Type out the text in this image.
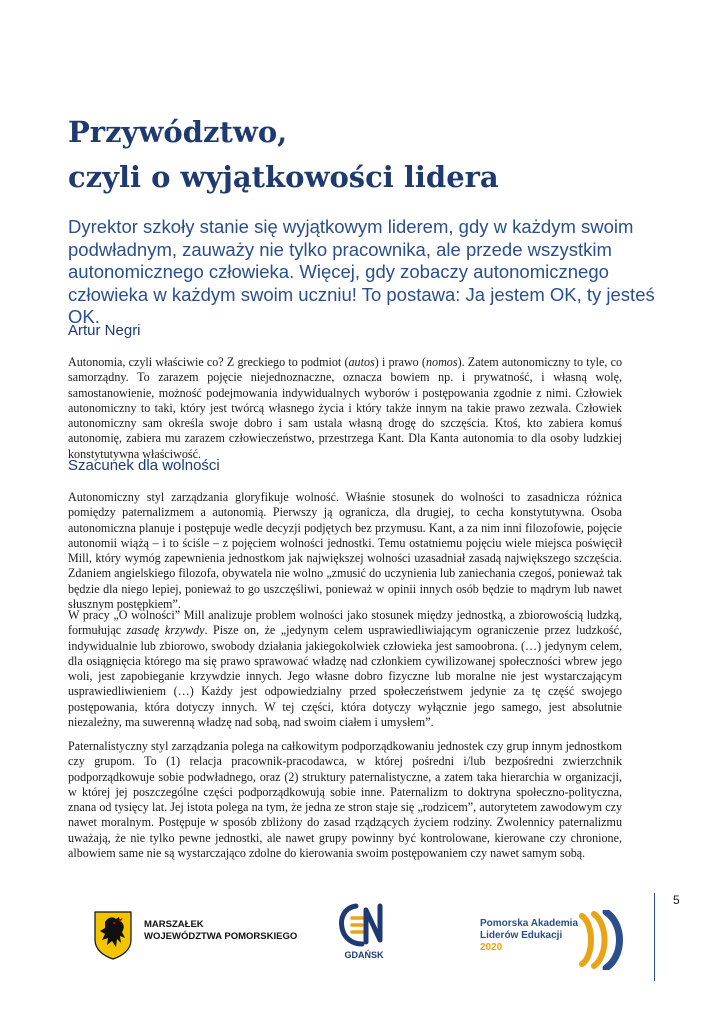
Przywództwo,
czyli o wyjątkowości lidera

Dyrektor szkoły stanie się wyjątkowym liderem, gdy w każdym swoim podwładnym, zauważy nie tylko pracownika, ale przede wszystkim autonomicznego człowieka. Więcej, gdy zobaczy autonomicznego człowieka w każdym swoim uczniu! To postawa: Ja jestem OK, ty jesteś OK.

Artur Negri

Autonomia, czyli właściwie co? Z greckiego to podmiot (autos) i prawo (nomos). Zatem autonomiczny to tyle, co samorządny. To zarazem pojęcie niejednoznaczne, oznacza bowiem np. i prywatność, i własną wolę, samostanowienie, możność podejmowania indywidualnych wyborów i postępowania zgodnie z nimi. Człowiek autonomiczny to taki, który jest twórcą własnego życia i który także innym na takie prawo zezwala. Człowiek autonomiczny sam określa swoje dobro i sam ustala własną drogę do szczęścia. Ktoś, kto zabiera komuś autonomię, zabiera mu zarazem człowieczeństwo, przestrzega Kant. Dla Kanta autonomia to dla osoby ludzkiej konstytutywna właściwość.

Szacunek dla wolności

Autonomiczny styl zarządzania gloryfikuje wolność. Właśnie stosunek do wolności to zasadnicza różnica pomiędzy paternalizmem a autonomią. Pierwszy ją ogranicza, dla drugiej, to cecha konstytutywna. Osoba autonomiczna planuje i postępuje wedle decyzji podjętych bez przymusu. Kant, a za nim inni filozofowie, pojęcie autonomii wiążą – i to ściśle – z pojęciem wolności jednostki. Temu ostatniemu pojęciu wiele miejsca poświęcił Mill, który wymóg zapewnienia jednostkom jak największej wolności uzasadniał zasadą największego szczęścia. Zdaniem angielskiego filozofa, obywatela nie wolno „zmusić do uczynienia lub zaniechania czegoś, ponieważ tak będzie dla niego lepiej, ponieważ to go uszczęśliwi, ponieważ w opinii innych osób będzie to mądrym lub nawet słusznym postępkiem”.

W pracy „O wolności” Mill analizuje problem wolności jako stosunek między jednostką, a zbiorowością ludzką, formułując zasadę krzywdy. Pisze on, że „jedynym celem usprawiedliwiającym ograniczenie przez ludzkość, indywidualnie lub zbiorowo, swobody działania jakiegokolwiek człowieka jest samoobrona. (…) jedynym celem, dla osiągnięcia którego ma się prawo sprawować władzę nad członkiem cywilizowanej społeczności wbrew jego woli, jest zapobieganie krzywdzie innych. Jego własne dobro fizyczne lub moralne nie jest wystarczającym usprawiedliwieniem (…) Każdy jest odpowiedzialny przed społeczeństwem jedynie za tę część swojego postępowania, która dotyczy innych. W tej części, która dotyczy wyłącznie jego samego, jest absolutnie niezależny, ma suwerenną władzę nad sobą, nad swoim ciałem i umysłem”.

Paternalistyczny styl zarządzania polega na całkowitym podporządkowaniu jednostek czy grup innym jednostkom czy grupom. To (1) relacja pracownik-pracodawca, w której pośredni i/lub bezpośredni zwierzchnik podporządkowuje sobie podwładnego, oraz (2) struktury paternalistyczne, a zatem taka hierarchia w organizacji, w której jej poszczególne części podporządkowują sobie inne. Paternalizm to doktryna społeczno-polityczna, znana od tysięcy lat. Jej istota polega na tym, że jedna ze stron staje się „rodzicem”, autorytetem zawodowym czy nawet moralnym. Postępuje w sposób zbliżony do zasad rządzących życiem rodziny. Zwolennicy paternalizmu uważają, że nie tylko pewne jednostki, ale nawet grupy powinny być kontrolowane, kierowane czy chronione, albowiem same nie są wystarczająco zdolne do kierowania swoim postępowaniem czy nawet samym sobą.

5
MARSZAŁEK
WOJEWÓDZTWA POMORSKIEGO
CEN
GDAŃSK
Pomorska Akademia
Liderów Edukacji
2020
